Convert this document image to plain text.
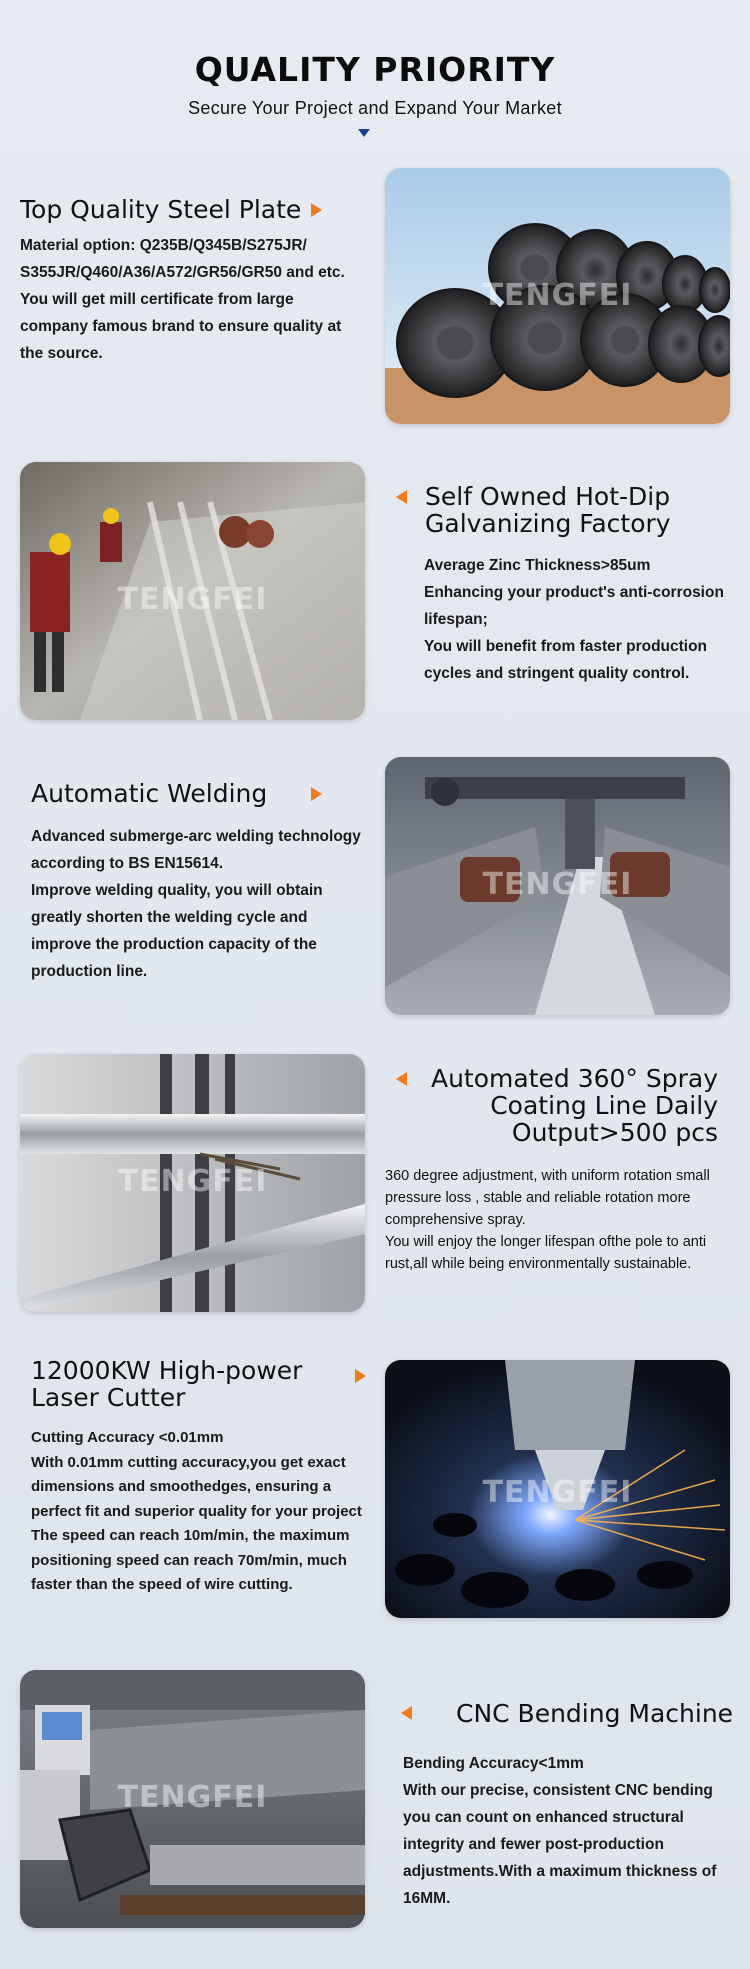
QUALITY PRIORITY
Secure Your Project and Expand Your Market
Top Quality Steel Plate

Material option: Q235B/Q345B/S275JR/ S355JR/Q460/A36/A572/GR56/GR50 and etc.

You will get mill certificate from large company famous brand to ensure quality at the source.

TENGFEI
TENGFEI
Self Owned Hot-Dip
Galvanizing Factory

Average Zinc Thickness>85um

Enhancing your product's anti-corrosion lifespan;

You will benefit from faster production cycles and stringent quality control.

Automatic Welding

Advanced submerge-arc welding technology according to BS EN15614.

Improve welding quality, you will obtain greatly shorten the welding cycle and improve the production capacity of the production line.

TENGFEI
TENGFEI
Automated 360° Spray
Coating Line Daily
Output>500 pcs

360 degree adjustment, with uniform rotation small pressure loss , stable and reliable rotation more comprehensive spray.

You will enjoy the longer lifespan ofthe pole to anti rust,all while being environmentally sustainable.

12000KW High-power
Laser Cutter

Cutting Accuracy <0.01mm

With 0.01mm cutting accuracy,you get exact dimensions and smoothedges, ensuring a perfect fit and superior quality for your project

The speed can reach 10m/min, the maximum positioning speed can reach 70m/min, much faster than the speed of wire cutting.

TENGFEI
TENGFEI
CNC Bending Machine

Bending Accuracy<1mm

With our precise, consistent CNC bending you can count on enhanced structural integrity and fewer post-production adjustments.With a maximum thickness of 16MM.
